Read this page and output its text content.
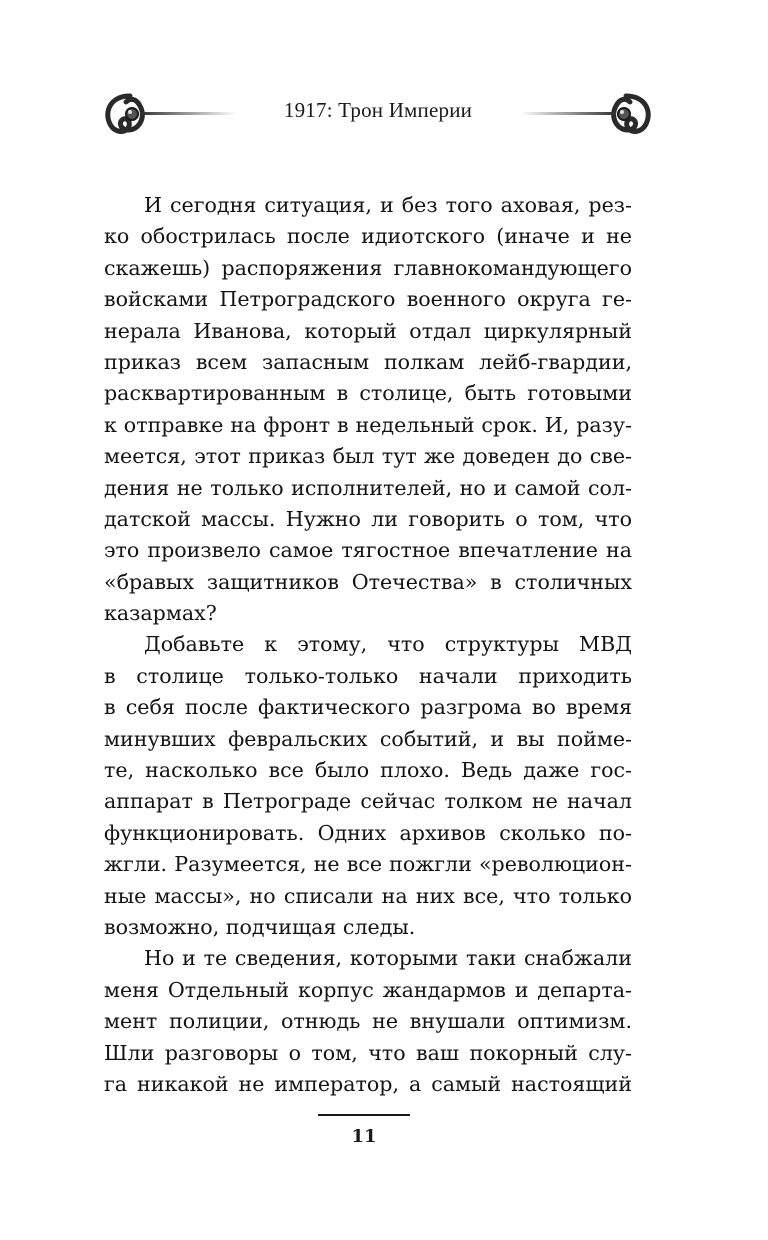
1917: Трон Империи
И сегодня ситуация, и без того аховая, рез-
ко обострилась после идиотского (иначе и не
скажешь) распоряжения главнокомандующего
войсками Петроградского военного округа ге-
нерала Иванова, который отдал циркулярный
приказ всем запасным полкам лейб-гвардии,
расквартированным в столице, быть готовыми
к отправке на фронт в недельный срок. И, разу-
меется, этот приказ был тут же доведен до све-
дения не только исполнителей, но и самой сол-
датской массы. Нужно ли говорить о том, что
это произвело самое тягостное впечатление на
«бравых защитников Отечества» в столичных
казармах?
Добавьте к этому, что структуры МВД
в столице только-только начали приходить
в себя после фактического разгрома во время
минувших февральских событий, и вы пойме-
те, насколько все было плохо. Ведь даже гос-
аппарат в Петрограде сейчас толком не начал
функционировать. Одних архивов сколько по-
жгли. Разумеется, не все пожгли «революцион-
ные массы», но списали на них все, что только
возможно, подчищая следы.
Но и те сведения, которыми таки снабжали
меня Отдельный корпус жандармов и департа-
мент полиции, отнюдь не внушали оптимизм.
Шли разговоры о том, что ваш покорный слу-
га никакой не император, а самый настоящий
11
